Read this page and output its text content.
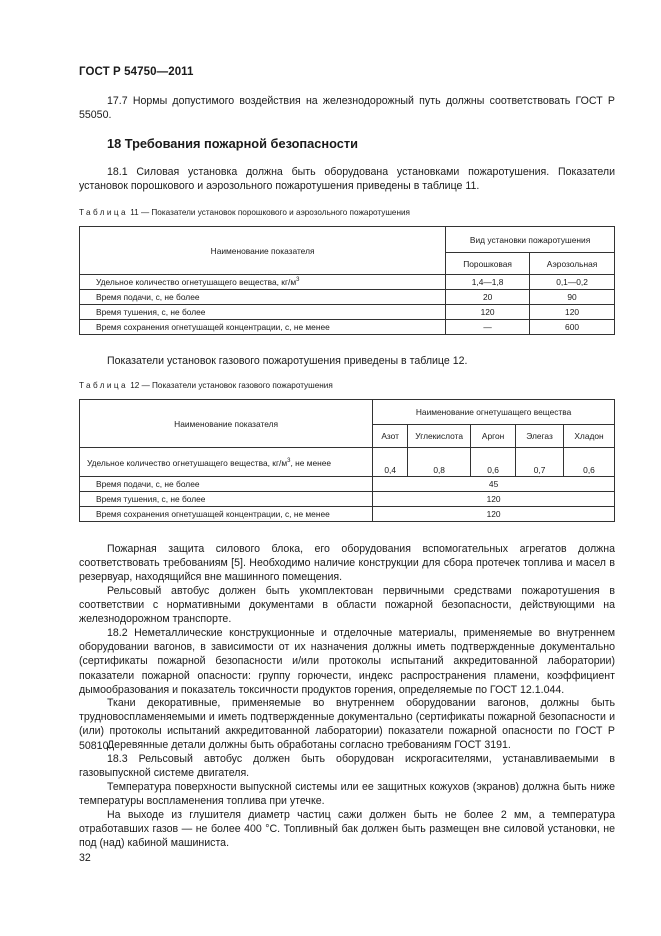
ГОСТ Р 54750—2011
17.7 Нормы допустимого воздействия на железнодорожный путь должны соответствовать ГОСТ Р 55050.
18 Требования пожарной безопасности
18.1 Силовая установка должна быть оборудована установками пожаротушения. Показатели установок порошкового и аэрозольного пожаротушения приведены в таблице 11.
Таблица 11 — Показатели установок порошкового и аэрозольного пожаротушения
Наименование показателя	Вид установки пожаротушения	
	Порошковая	Аэрозольная
Удельное количество огнетушащего вещества, $кг/м^3$	1,4—1,8	0,1—0,2
Время подачи, с, не более	20	90
Время тушения, с, не более	120	120
Время сохранения огнетушащей концентрации, с, не менее	—	600
Показатели установок газового пожаротушения приведены в таблице 12.
Таблица 12 — Показатели установок газового пожаротушения
Наименование показателя	Наименование огнетушащего вещества				
	Азот	Углекислота	Аргон	Элегаз	Хладон
Удельное количество огнетушащего вещества, $кг/м^3$, не менее	0,4	0,8	0,6	0,7	0,6
Время подачи, с, не более	45				
Время тушения, с, не более	120				
Время сохранения огнетушащей концентрации, с, не менее	120				
Пожарная защита силового блока, его оборудования вспомогательных агрегатов должна соответствовать требованиям [5]. Необходимо наличие конструкции для сбора протечек топлива и масел в резервуар, находящийся вне машинного помещения.
Рельсовый автобус должен быть укомплектован первичными средствами пожаротушения в соответствии с нормативными документами в области пожарной безопасности, действующими на железнодорожном транспорте.
18.2 Неметаллические конструкционные и отделочные материалы, применяемые во внутреннем оборудовании вагонов, в зависимости от их назначения должны иметь подтвержденные документально (сертификаты пожарной безопасности и/или протоколы испытаний аккредитованной лаборатории) показатели пожарной опасности: группу горючести, индекс распространения пламени, коэффициент дымообразования и показатель токсичности продуктов горения, определяемые по ГОСТ 12.1.044.
Ткани декоративные, применяемые во внутреннем оборудовании вагонов, должны быть трудновоспламеняемыми и иметь подтвержденные документально (сертификаты пожарной безопасности и (или) протоколы испытаний аккредитованной лаборатории) показатели пожарной опасности по ГОСТ Р 50810.
Деревянные детали должны быть обработаны согласно требованиям ГОСТ 3191.
18.3 Рельсовый автобус должен быть оборудован искрогасителями, устанавливаемыми в газовыпускной системе двигателя.
Температура поверхности выпускной системы или ее защитных кожухов (экранов) должна быть ниже температуры воспламенения топлива при утечке.
На выходе из глушителя диаметр частиц сажи должен быть не более 2 мм, а температура отработавших газов — не более 400 °С. Топливный бак должен быть размещен вне силовой установки, не под (над) кабиной машиниста.
32
